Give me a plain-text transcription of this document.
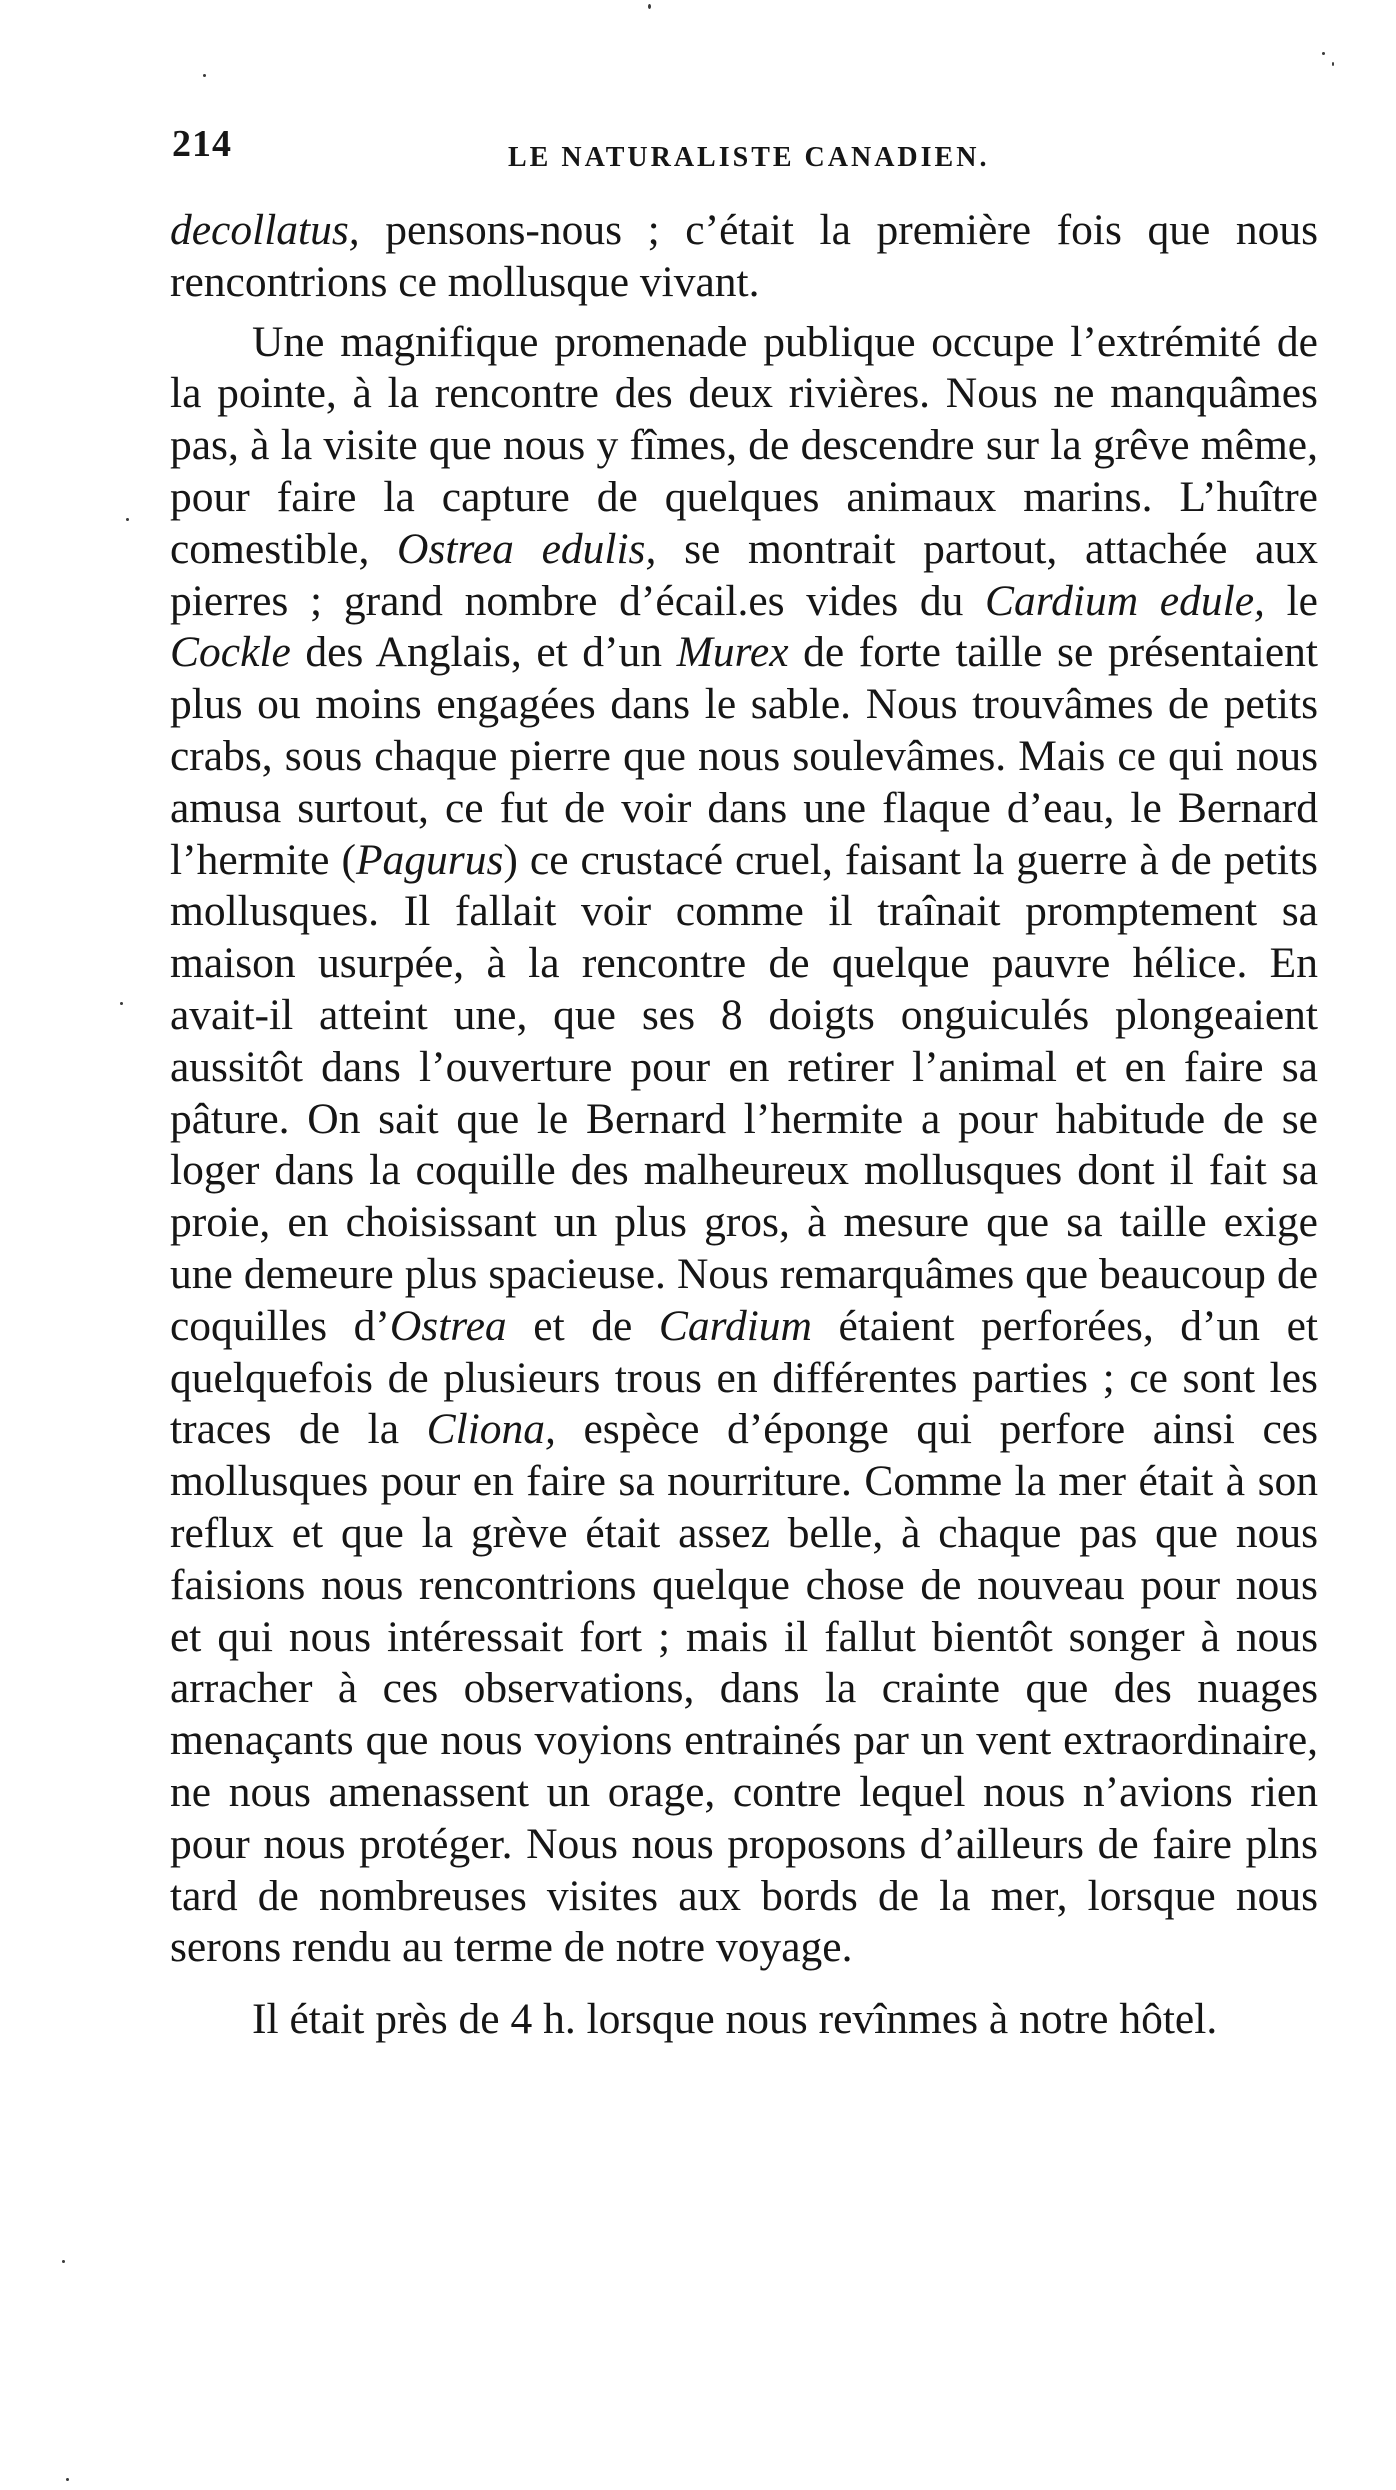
214	LE NATURALISTE CANADIEN.

decollatus, pensons-nous ; c’était la première fois que nous rencontrions ce mollusque vivant.

Une magnifique promenade publique occupe l’extrémité de la pointe, à la rencontre des deux rivières. Nous ne manquâmes pas, à la visite que nous y fîmes, de descendre sur la grêve même, pour faire la capture de quelques animaux marins. L’huître comestible, Ostrea edulis, se montrait partout, attachée aux pierres ; grand nombre d’écail.es vides du Cardium edule, le Cockle des Anglais, et d’un Murex de forte taille se présentaient plus ou moins engagées dans le sable. Nous trouvâmes de petits crabs, sous chaque pierre que nous soulevâmes. Mais ce qui nous amusa surtout, ce fut de voir dans une flaque d’eau, le Bernard l’hermite (Pagurus) ce crustacé cruel, faisant la guerre à de petits mollusques. Il fallait voir comme il traînait promptement sa maison usurpée, à la rencontre de quelque pauvre hélice. En avait-il atteint une, que ses 8 doigts onguiculés plongeaient aussitôt dans l’ouverture pour en retirer l’animal et en faire sa pâture. On sait que le Bernard l’hermite a pour habitude de se loger dans la coquille des malheureux mollusques dont il fait sa proie, en choisissant un plus gros, à mesure que sa taille exige une demeure plus spacieuse. Nous remarquâmes que beaucoup de coquilles d’Ostrea et de Cardium étaient perforées, d’un et quelquefois de plusieurs trous en différentes parties ; ce sont les traces de la Cliona, espèce d’éponge qui perfore ainsi ces mollusques pour en faire sa nourriture. Comme la mer était à son reflux et que la grève était assez belle, à chaque pas que nous faisions nous rencontrions quelque chose de nouveau pour nous et qui nous intéressait fort ; mais il fallut bientôt songer à nous arracher à ces observations, dans la crainte que des nuages menaçants que nous voyions entrainés par un vent extraordinaire, ne nous amenassent un orage, contre lequel nous n’avions rien pour nous protéger. Nous nous proposons d’ailleurs de faire plns tard de nombreuses visites aux bords de la mer, lorsque nous serons rendu au terme de notre voyage.

Il était près de 4 h. lorsque nous revînmes à notre hôtel.
